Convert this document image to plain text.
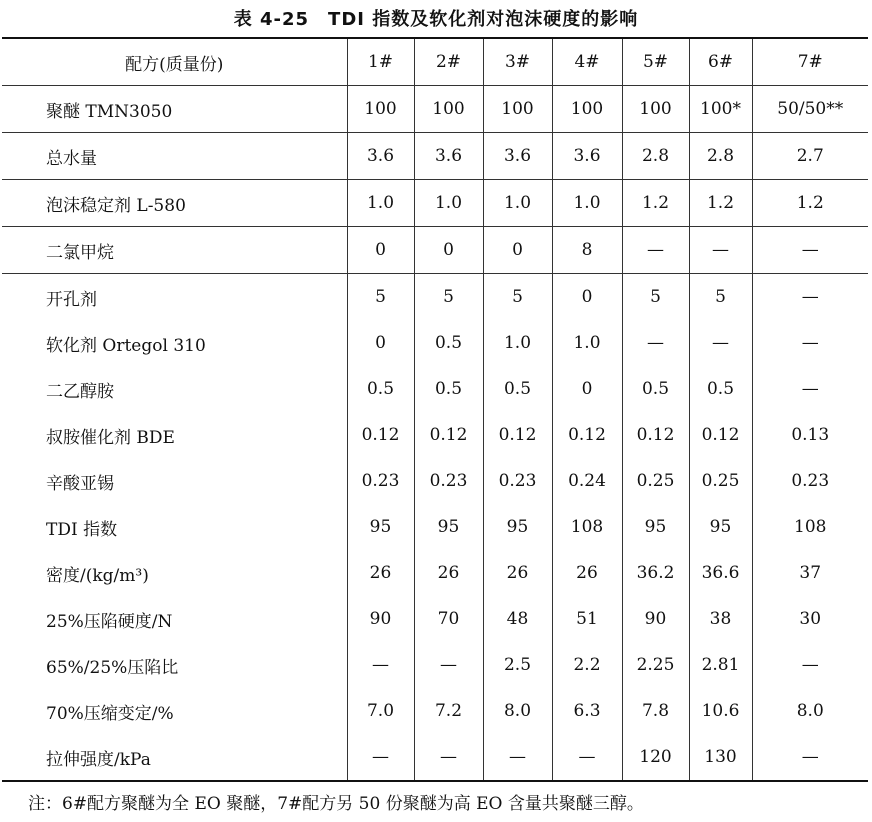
表 4-25　TDI 指数及软化剂对泡沫硬度的影响
配方(质量份)	1#	2#	3#	4#	5#	6#	7#
聚醚 TMN3050	100	100	100	100	100	100*	50/50**
总水量	3.6	3.6	3.6	3.6	2.8	2.8	2.7
泡沫稳定剂 L-580	1.0	1.0	1.0	1.0	1.2	1.2	1.2
二氯甲烷	0	0	0	8	—	—	—
开孔剂	5	5	5	0	5	5	—
软化剂 Ortegol 310	0	0.5	1.0	1.0	—	—	—
二乙醇胺	0.5	0.5	0.5	0	0.5	0.5	—
叔胺催化剂 BDE	0.12	0.12	0.12	0.12	0.12	0.12	0.13
辛酸亚锡	0.23	0.23	0.23	0.24	0.25	0.25	0.23
TDI 指数	95	95	95	108	95	95	108
密度/(kg/m³)	26	26	26	26	36.2	36.6	37
25%压陷硬度/N	90	70	48	51	90	38	30
65%/25%压陷比	—	—	2.5	2.2	2.25	2.81	—
70%压缩变定/%	7.0	7.2	8.0	6.3	7.8	10.6	8.0
拉伸强度/kPa	—	—	—	—	120	130	—
注：6#配方聚醚为全 EO 聚醚，7#配方另 50 份聚醚为高 EO 含量共聚醚三醇。
